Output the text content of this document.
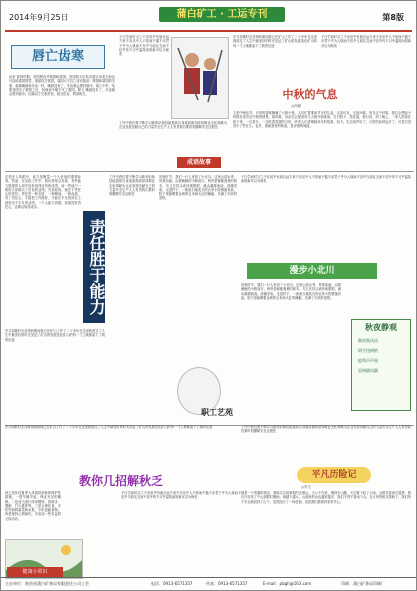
2014年9月25日	蒲白矿工 · 工运专刊	第8版
唇亡齿寒
由来 春秋时期，晋国想吞并虢国和虞国。晋国的大臣荀息建议用美玉和良马送给虞国国君，借道攻打虢国。虞国大夫宫之奇劝阻说：虢国和虞国的关系，就像嘴唇和牙齿一样，嘴唇没有了，牙齿就会感到寒冷。虞公不听，结果晋国灭了虢国之后，回师途中顺手灭了虞国。释义 嘴唇没有了，牙齿就会感到寒冷。比喻双方关系密切，相互依存，利害相关。
子曰学而时习之不亦说乎有朋自远方来不亦乐乎人不知而不愠不亦君子乎为人谋而不忠乎与朋友交而不信乎传不习乎温故而知新可以为师矣
工作中我们要不断学习新知识新技能提高自身素质做到爱岗敬业无私奉献为企业发展贡献自己的力量安全生产人人有责我们要时刻绷紧安全这根弦
成语故事
岁月如歌时光荏苒转眼间我已在矿山工作了二十多年在这里我度过了人生中最美好的时光见证了矿山的发展变化矿山的每一寸土地都留下了我的足迹
中秋的气息
◎孙鹏
又是中秋佳节，月饼的香味飘满了大街小巷。人们忙着准备节日的礼品，走亲访友，互致问候。每当这个时候，我总会想起小时候在家乡过中秋的情景。那时候，母亲总会提前好几天就开始准备，打扫院子，蒸花馍，做月饼。到了晚上，一家人围坐在院子里，一边赏月，一边吃着香甜的月饼，听老人们讲嫦娥奔月的故事。如今，生活条件好了，月饼的品种也多了，可是总觉得少了些什么。也许，那就是家的味道，是亲情的味道。
子曰学而时习之不亦说乎有朋自远方来不亦乐乎人不知而不愠不亦君子乎为人谋而不忠乎与朋友交而不信乎传不习乎温故而知新可以为师矣
在很多人的眼中，能力是衡量一个人价值的重要标准。然而，在实际工作中，我们常常会发现，有些能力很强的人却并没有取得应有的成绩，而一些能力一般的人却做出了出色的业绩。究其原因，就在于责任心的差异。责任是一种态度，一种精神，一种品质。有了责任心，才能把工作做好，才能在平凡的岗位上创造出不平凡的业绩。一个人能力再强，如果没有责任心，也难以取得成功。
责任胜于能力
工作中我们要不断学习新知识新技能提高自身素质做到爱岗敬业无私奉献为企业发展贡献自己的力量安全生产人人有责我们要时刻绷紧安全这根弦
岁月如歌时光荏苒转眼间我已在矿山工作了二十多年在这里我度过了人生中最美好的时光见证了矿山的发展变化矿山的每一寸土地都留下了我的足迹
初秋时节，我们一行人来到了小北川。这里山清水秀，风景如画。沿着蜿蜒的小路前行，两旁是郁郁葱葱的树木，鸟儿在枝头欢快地歌唱，溪水潺潺流淌，清澈见底。走进村子，一座座白墙灰瓦的农家小院错落有致，院子里晾晒着金黄的玉米和火红的辣椒，充满了丰收的喜悦。
职工艺苑
子曰学而时习之不亦说乎有朋自远方来不亦乐乎人不知而不愠不亦君子乎为人谋而不忠乎与朋友交而不信乎传不习乎温故而知新可以为师矣
漫步小北川
初秋时节，我们一行人来到了小北川。这里山清水秀，风景如画。沿着蜿蜒的小路前行，两旁是郁郁葱葱的树木，鸟儿在枝头欢快地歌唱，溪水潺潺流淌，清澈见底。走进村子，一座座白墙灰瓦的农家小院错落有致，院子里晾晒着金黄的玉米和火红的辣椒，充满了丰收的喜悦。
秋夜静观
静夜秋风凉
明月挂树梢
蛙鸣声声闹
思绪随风飘
工作中我们要不断学习新知识新技能提高自身素质做到爱岗敬业无私奉献为企业发展贡献自己的力量安全生产人人有责我们要时刻绷紧安全这根弦
平凡历险记
◎李文
那是一个普通的周末，我和几位同事相约去爬山。天公不作美，刚到半山腰，天空就下起了大雨。山路变得泥泞湿滑，我们只好找了个山洞暂时避雨。雨越下越大，山洞里的水也越来越多，我们不得不冒雨下山。在大家的相互帮助下，我们终于安全地回到了山下。虽然经历了一场虚惊，但是我们都感到非常开心。
岁月如歌时光荏苒转眼间我已在矿山工作了二十多年在这里我度过了人生中最美好的时光见证了矿山的发展变化矿山的每一寸土地都留下了我的足迹
教你几招解秋乏
秋乏是补偿夏季人体超常消耗的保护性措施。一是早睡早起，保证充足的睡眠。二是适当进行体育锻炼，如散步、慢跑、打太极拳等。三是合理饮食，多吃些新鲜蔬菜和水果，少吃油腻食物。四是保持心情愉快，多参加一些有益的文体活动。
子曰学而时习之不亦说乎有朋自远方来不亦乐乎人不知而不愠不亦君子乎为人谋而不忠乎与朋友交而不信乎传不习乎温故而知新可以为师矣
健康小常识
主办单位：陕西省蒲白矿务局有限责任公司工会	电话：0913-6571357	传真：0913-6571357	E-mail：pbgh@163.com	印刷：蒲白矿务局印刷厂
